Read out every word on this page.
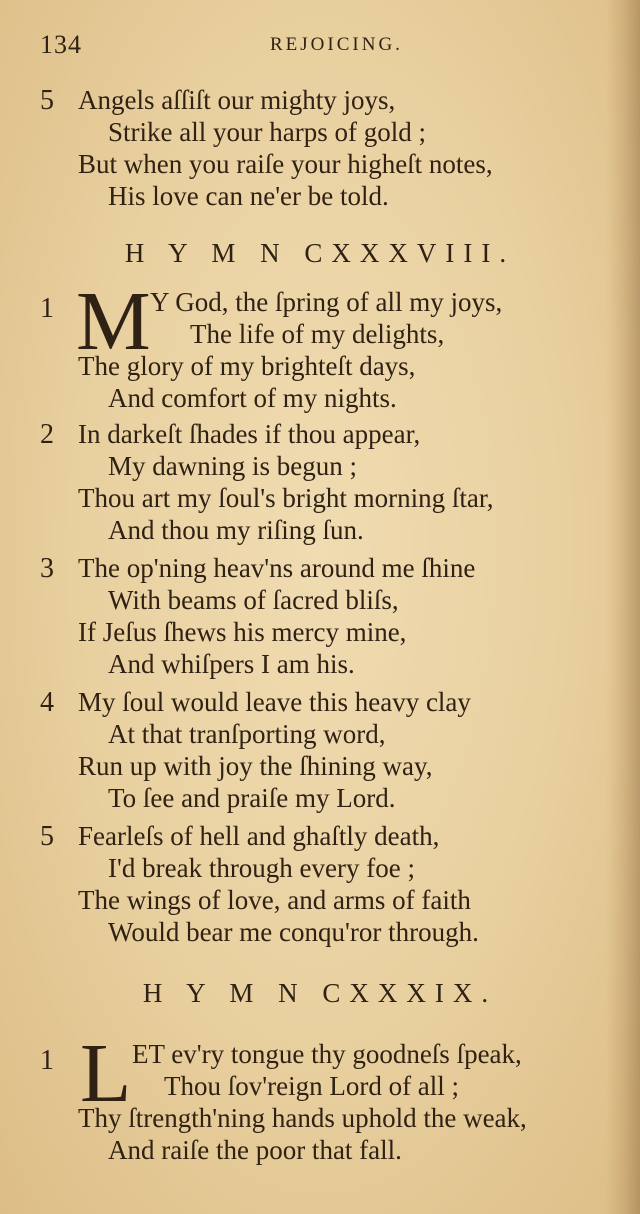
134	REJOICING.
5 Angels aſſiſt our mighty joys,
Strike all your harps of gold ;
But when you raiſe your higheſt notes,
His love can ne'er be told.
H Y M N CXXXVIII.
1 M Y God, the ſpring of all my joys,
The life of my delights,
The glory of my brighteſt days,
And comfort of my nights.
2 In darkeſt ſhades if thou appear,
My dawning is begun ;
Thou art my ſoul's bright morning ſtar,
And thou my riſing ſun.
3 The op'ning heav'ns around me ſhine
With beams of ſacred bliſs,
If Jeſus ſhews his mercy mine,
And whiſpers I am his.
4 My ſoul would leave this heavy clay
At that tranſporting word,
Run up with joy the ſhining way,
To ſee and praiſe my Lord.
5 Fearleſs of hell and ghaſtly death,
I'd break through every foe ;
The wings of love, and arms of faith
Would bear me conqu'ror through.
H Y M N CXXXIX.
1 L ET ev'ry tongue thy goodneſs ſpeak,
Thou ſov'reign Lord of all ;
Thy ſtrength'ning hands uphold the weak,
And raiſe the poor that fall.
